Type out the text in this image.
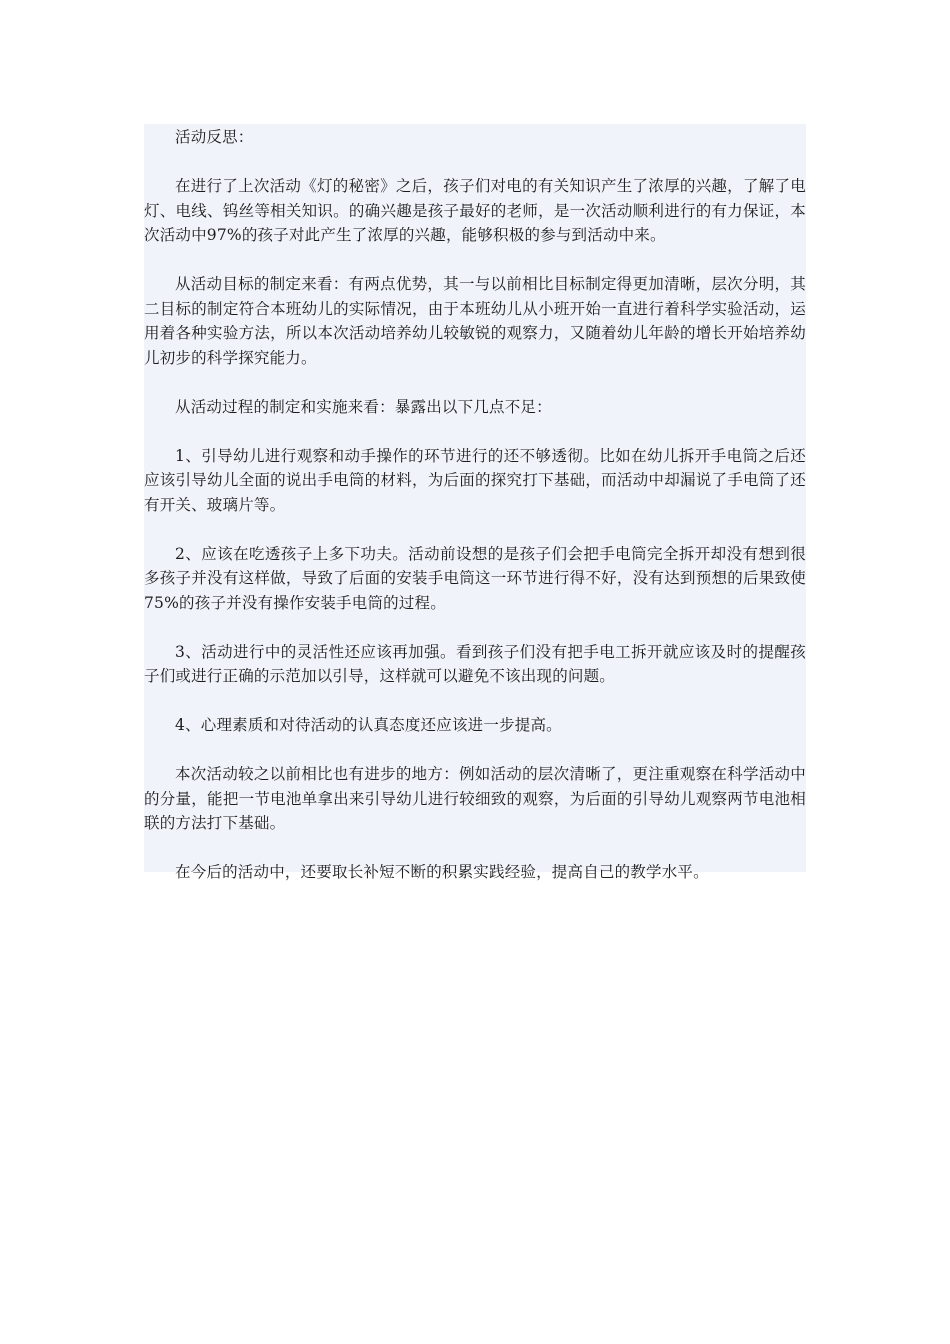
活动反思：

在进行了上次活动《灯的秘密》之后，孩子们对电的有关知识产生了浓厚的兴趣，了解了电灯、电线、钨丝等相关知识。的确兴趣是孩子最好的老师，是一次活动顺利进行的有力保证，本次活动中97%的孩子对此产生了浓厚的兴趣，能够积极的参与到活动中来。

从活动目标的制定来看：有两点优势，其一与以前相比目标制定得更加清晰，层次分明，其二目标的制定符合本班幼儿的实际情况，由于本班幼儿从小班开始一直进行着科学实验活动，运用着各种实验方法，所以本次活动培养幼儿较敏锐的观察力，又随着幼儿年龄的增长开始培养幼儿初步的科学探究能力。

从活动过程的制定和实施来看：暴露出以下几点不足：

1、引导幼儿进行观察和动手操作的环节进行的还不够透彻。比如在幼儿拆开手电筒之后还应该引导幼儿全面的说出手电筒的材料，为后面的探究打下基础，而活动中却漏说了手电筒了还有开关、玻璃片等。

2、应该在吃透孩子上多下功夫。活动前设想的是孩子们会把手电筒完全拆开却没有想到很多孩子并没有这样做，导致了后面的安装手电筒这一环节进行得不好，没有达到预想的后果致使75%的孩子并没有操作安装手电筒的过程。

3、活动进行中的灵活性还应该再加强。看到孩子们没有把手电工拆开就应该及时的提醒孩子们或进行正确的示范加以引导，这样就可以避免不该出现的问题。

4、心理素质和对待活动的认真态度还应该进一步提高。

本次活动较之以前相比也有进步的地方：例如活动的层次清晰了，更注重观察在科学活动中的分量，能把一节电池单拿出来引导幼儿进行较细致的观察，为后面的引导幼儿观察两节电池相联的方法打下基础。

在今后的活动中，还要取长补短不断的积累实践经验，提高自己的教学水平。
